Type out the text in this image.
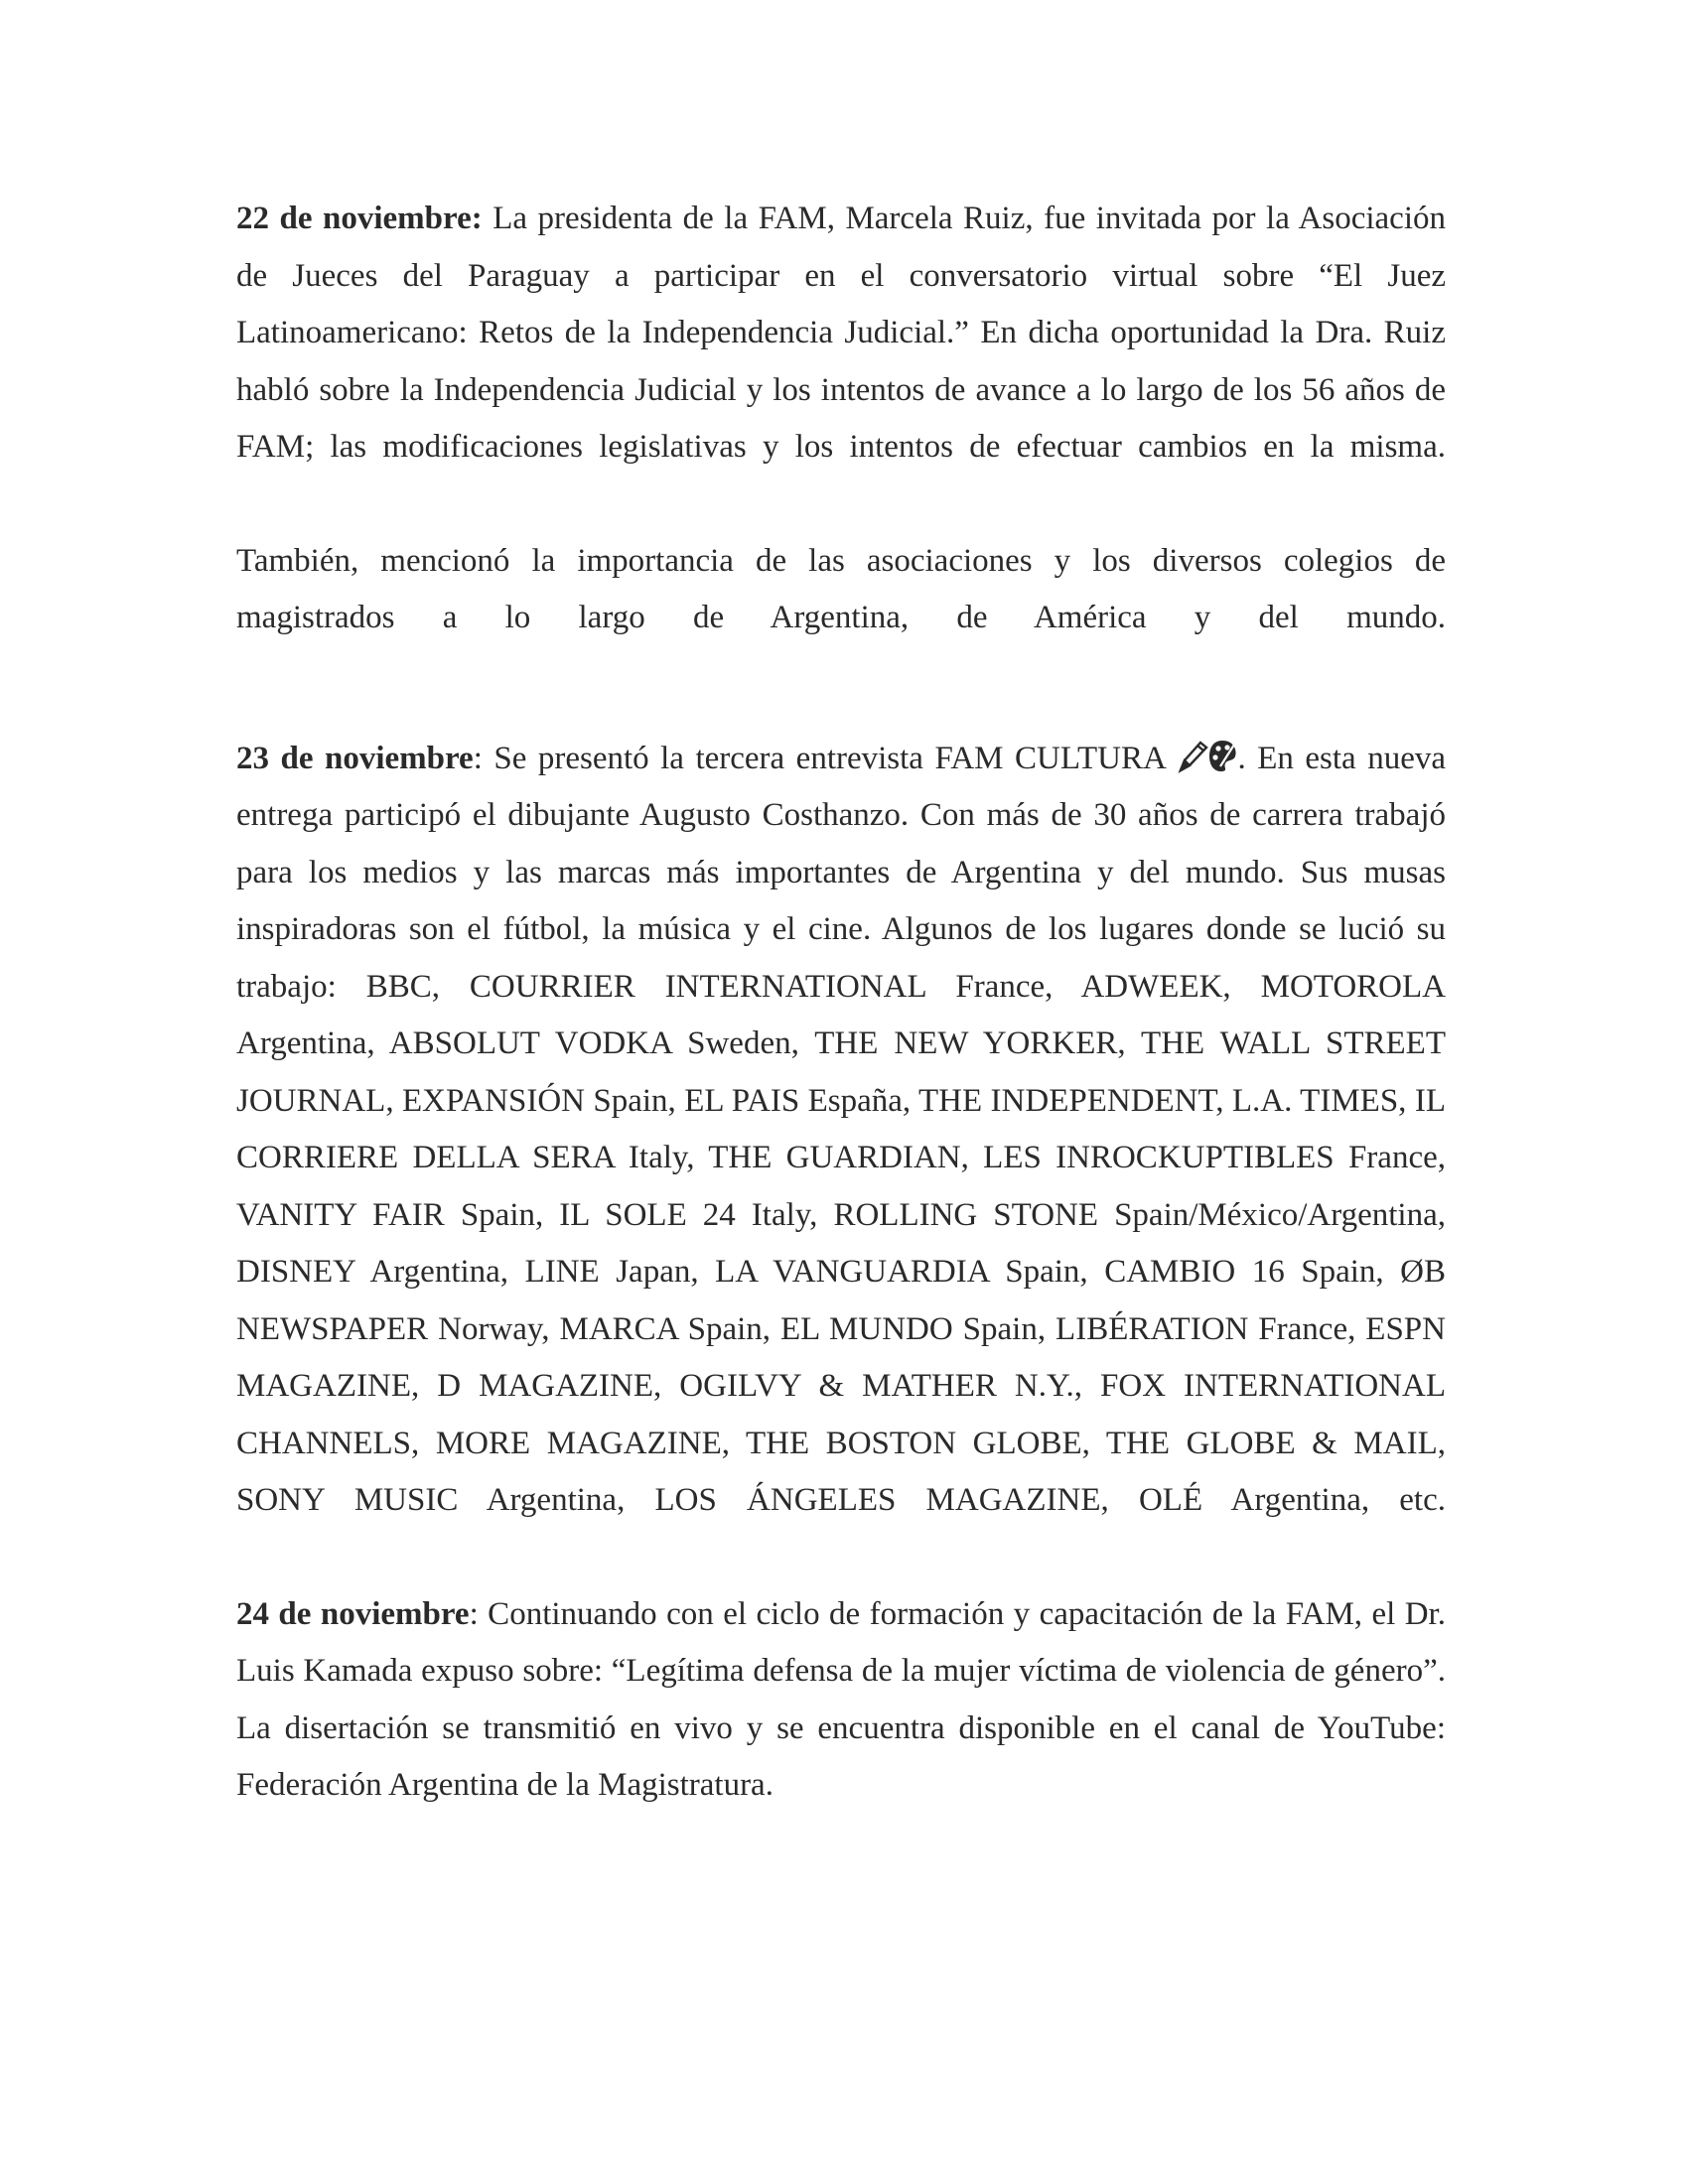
22 de noviembre: La presidenta de la FAM, Marcela Ruiz, fue invitada por la Asociación de Jueces del Paraguay a participar en el conversatorio virtual sobre “El Juez Latinoamericano: Retos de la Independencia Judicial.” En dicha oportunidad la Dra. Ruiz habló sobre la Independencia Judicial y los intentos de avance a lo largo de los 56 años de FAM; las modificaciones legislativas y los intentos de efectuar cambios en la misma.

También, mencionó la importancia de las asociaciones y los diversos colegios de magistrados a lo largo de Argentina, de América y del mundo.

23 de noviembre: Se presentó la tercera entrevista FAM CULTURA . En esta nueva entrega participó el dibujante Augusto Costhanzo. Con más de 30 años de carrera trabajó para los medios y las marcas más importantes de Argentina y del mundo. Sus musas inspiradoras son el fútbol, la música y el cine. Algunos de los lugares donde se lució su trabajo: BBC, COURRIER INTERNATIONAL France, ADWEEK, MOTOROLA Argentina, ABSOLUT VODKA Sweden, THE NEW YORKER, THE WALL STREET JOURNAL, EXPANSIÓN Spain, EL PAIS España, THE INDEPENDENT, L.A. TIMES, IL CORRIERE DELLA SERA Italy, THE GUARDIAN, LES INROCKUPTIBLES France, VANITY FAIR Spain, IL SOLE 24 Italy, ROLLING STONE Spain/México/Argentina, DISNEY Argentina, LINE Japan, LA VANGUARDIA Spain, CAMBIO 16 Spain, ØB NEWSPAPER Norway, MARCA Spain, EL MUNDO Spain, LIBÉRATION France, ESPN MAGAZINE, D MAGAZINE, OGILVY & MATHER N.Y., FOX INTERNATIONAL CHANNELS, MORE MAGAZINE, THE BOSTON GLOBE, THE GLOBE & MAIL, SONY MUSIC Argentina, LOS ÁNGELES MAGAZINE, OLÉ Argentina, etc.

24 de noviembre: Continuando con el ciclo de formación y capacitación de la FAM, el Dr. Luis Kamada expuso sobre: “Legítima defensa de la mujer víctima de violencia de género”. La disertación se transmitió en vivo y se encuentra disponible en el canal de YouTube: Federación Argentina de la Magistratura.
